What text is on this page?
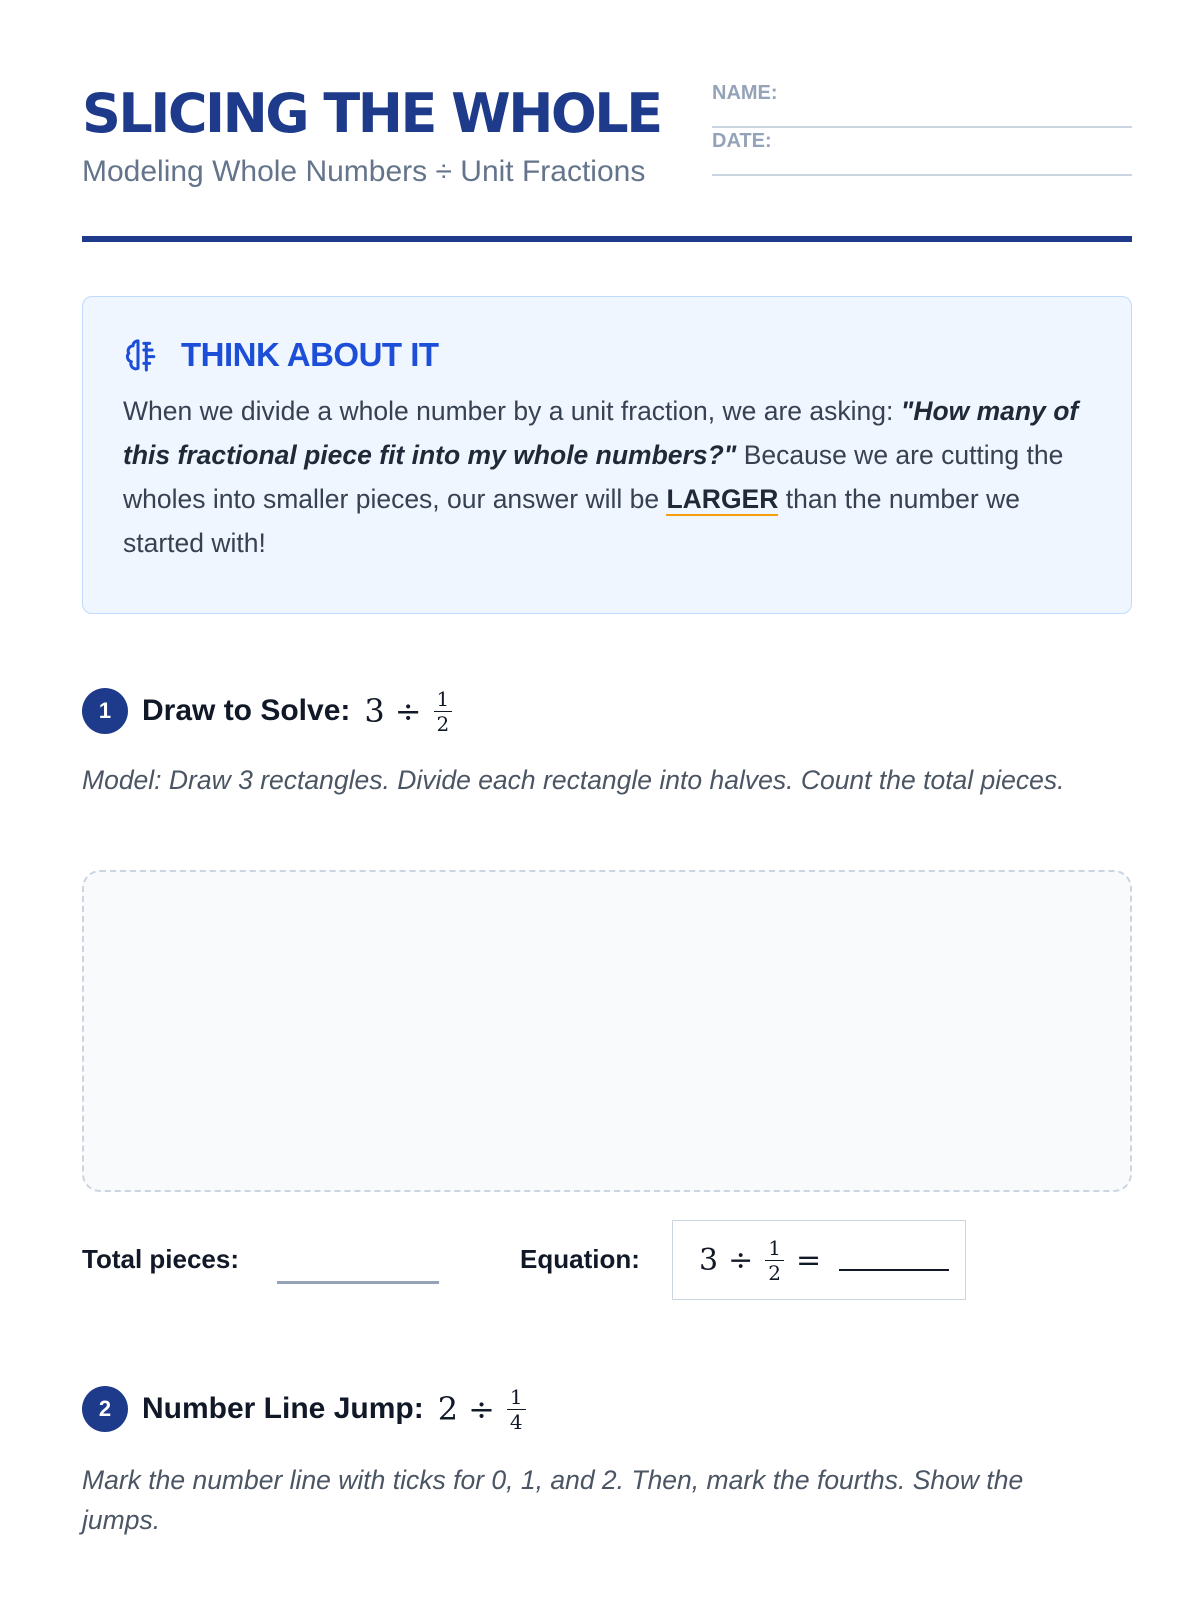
SLICING THE WHOLE
Modeling Whole Numbers ÷ Unit Fractions
NAME:
DATE:
THINK ABOUT IT

When we divide a whole number by a unit fraction, we are asking: "How many of this fractional piece fit into my whole numbers?" Because we are cutting the wholes into smaller pieces, our answer will be LARGER than the number we started with!

1	Draw to Solve: $3 \div \frac{1}{2}$

Model: Draw 3 rectangles. Divide each rectangle into halves. Count the total pieces.

Total pieces:	Equation: $3 \div \frac{1}{2}$ =
2	Number Line Jump: $2 \div \frac{1}{4}$

Mark the number line with ticks for 0, 1, and 2. Then, mark the fourths. Show the jumps.
